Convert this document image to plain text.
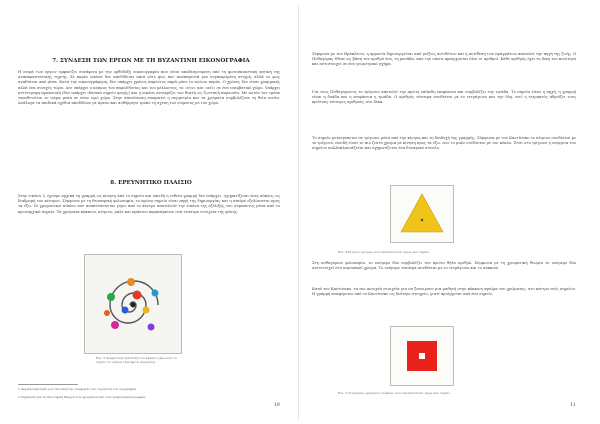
7. ΣΥΝΔΕΣΗ ΤΩΝ ΕΡΓΩΝ ΜΕ ΤΗ ΒΥΖΑΝΤΙΝΗ ΕΙΚΟΝΟΓΡΑΦΙΑ

Η σειρά των έργων εμφανίζει συνάφεια με την ορθόδοξη εικονογραφία που είναι αποδεσμευμένη από τη φωτοσκιαστική οπτική της αναπαραστατικής τέχνης. Σε καμία εικόνα δεν αποδίδεται σκιά ούτε φως που αναπαριστά μια συγκεκριμένη στιγμή, αλλά το φως αναδύεται από μέσα. Κατά την εικονογράφηση, δεν υπάρχει χρόνος παρόντος παρά μόνο το αιώνιο παρόν. Ο χρόνος δεν είναι γραμμικός αλλά ένα συνεχές τώρα. Δεν υπάρχει ο κόσμος του παρελθόντος και του μέλλοντος, το «νυν» και «αεί» σε ένα υπερβατικό χώρο. Υπάρχει αντίστροφη προοπτική (δεν υπάρχει ιδανικό σημείο φυγής) και η εικόνα αντικρίζει τον θεατή ως ζωντανή παρουσία. Με αυτόν τον τρόπο τοποθετείται το σώμα μέσα σε έναν ιερό χώρο. Στην αποτύπωση επικρατεί η συμμετρία και τα χρώματα συμβολίζουν τη θεία ουσία. Ανάλογα τα παιδικά σχέδια αποδίδουν με άμεσο και αυθόρμητο τρόπο τη σχέση του σώματος με τον χώρο.

8. ΕΡΕΥΝΗΤΙΚΟ ΠΛΑΙΣΙΟ

Στην εικόνα 3, έχουμε αρχικά τη γραμμή ως κίνηση από το σημείο και επειδή η ευθεία γραμμή δεν υπάρχει, σχηματίζεται ένας κύκλος ως διαδρομή του κέντρου. Σύμφωνα με τη θεοσοφική φιλοσοφία, το πρώτο σημείο είναι πηγή της δημιουργίας και η σπείρα εξελίσσεται προς τα έξω. Οι χρωματικοί κύκλοι που αναπτύσσονται γύρω από το κέντρο αποτελούν την εικόνα της εξέλιξης του σύμπαντος μέσα από το πρωταρχικό σημείο. Τα χρώματα κόκκινο, κίτρινο, μπλε και πράσινο παραπέμπουν στα τέσσερα στοιχεία της φύσης.

Εικ. 3 Χρωματική ανάπτυξη του κύκλου γύρω από το σημείο σε σπείρα (Σωτηρίου Αγγελίνα)
1 Αρχική σημείωση για την πηγή της αναφοράς και τη μελέτη του συγγραφέα.
2 Σημείωση για τη θεοσοφική θεωρία των χρωμάτων και των γεωμετρικών μορφών.
10

Σύμφωνα με τον Ηράκλειτο, η αρμονία δημιουργείται από μείξεις αντιθέτων και η αντίθεση των πραγμάτων αποτελεί την πηγή της ζωής. Ο Πυθαγόρας έθεσε ως βάση τον αριθμό ένα, τη μονάδα, από την οποία προέρχονται όλοι οι αριθμοί. Κάθε αριθμός έχει τη δική του ποιότητα και αντιστοιχεί σε ένα γεωμετρικό σχήμα.

Για τους Πυθαγόρειους το τρίγωνο αποτελεί την πρώτη επίπεδη επιφάνεια και συμβολίζει την τριάδα. Το σημείο είναι η αρχή, η γραμμή είναι η δυάδα και η επιφάνεια η τριάδα. Ο αριθμός τέσσερα συνδέεται με το τετράγωνο και την ύλη, ενώ η τετρακτύς αθροίζει τους πρώτους τέσσερις αριθμούς στο δέκα.

Το σημείο μετατρέπεται σε τρίγωνο μέσα από την κίνηση και τη διαδοχή της γραμμής. Σύμφωνα με τον Καντίνσκυ το κίτρινο συνδέεται με το τρίγωνο, επειδή είναι το πιο ζεστό χρώμα με κίνηση προς τα έξω, ενώ το μπλε συνδέεται με τον κύκλο. Έτσι στο τρίγωνο η ενέργεια του σημείου πολλαπλασιάζεται και σχηματίζεται ένα δυναμικό σύνολο.

Εικ. 4 Κίτρινο τρίγωνο που αναπτύσσεται γύρω από σημείο

Στη πυθαγόρεια φιλοσοφία, το νούμερο δύο συμβολίζει τον πρώτο θήλυ αριθμό. Σύμφωνα με τη χρωματική θεωρία το νούμερο δύο αντιστοιχεί στο πορτοκαλί χρώμα. Το νούμερο τέσσερα συνδέεται με το τετράγωνο και το κόκκινο.

Κατά τον Καντίνσκυ, τα πιο ανοιχτά στοιχεία για να ξανοίγουν μια μαθητή στην κόκκινη σφαίρα του χρώματος, στο κέντρο ενός σημείου. Η γραμμή αναφέρεται από το Καντίνσκυ ως δεύτερο στοιχείο, γιατί προέρχεται από ένα σημείο.

Εικ. 5 Τετράγωνο χρώματος κόκκινο που αναπτύσσεται γύρω από σημείο
11
